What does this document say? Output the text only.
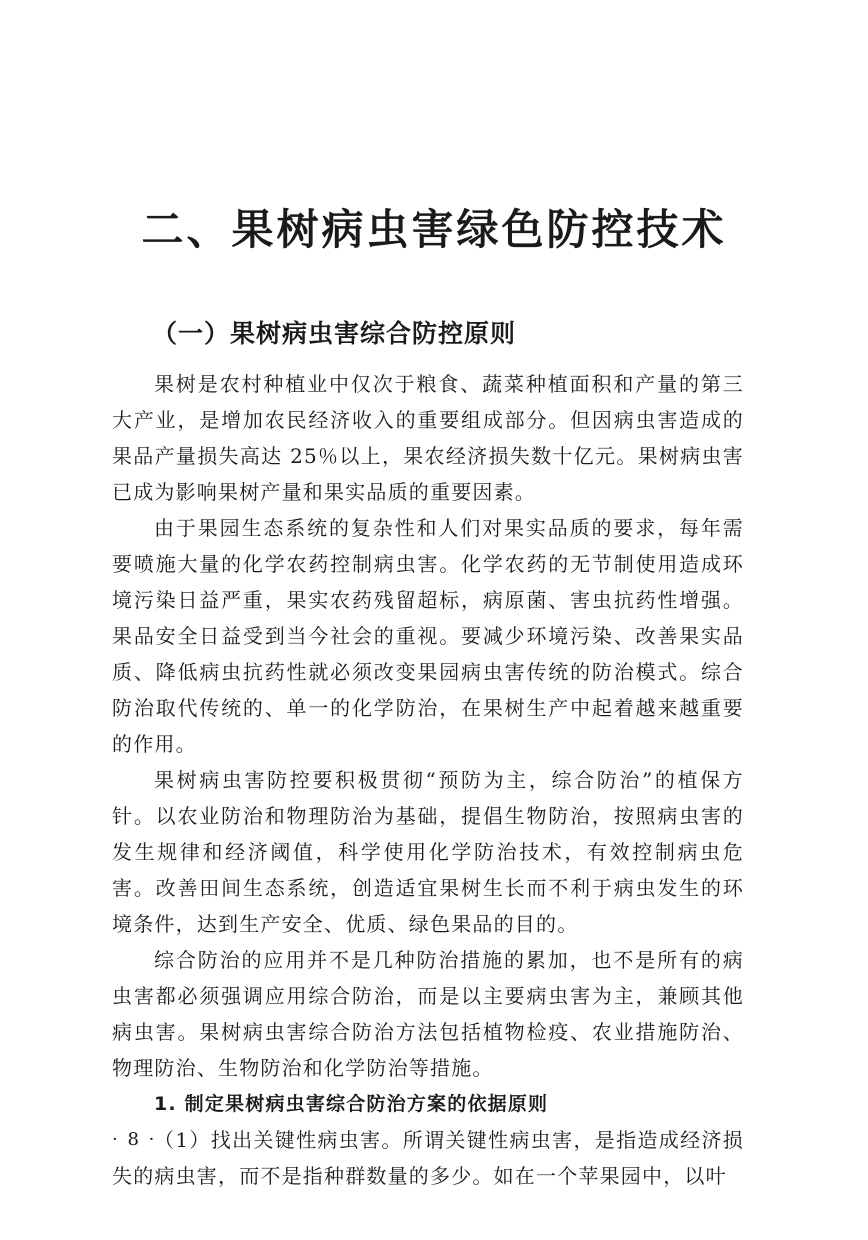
二、果树病虫害绿色防控技术
（一）果树病虫害综合防控原则

果树是农村种植业中仅次于粮食、蔬菜种植面积和产量的第三大产业，是增加农民经济收入的重要组成部分。但因病虫害造成的果品产量损失高达 25％以上，果农经济损失数十亿元。果树病虫害已成为影响果树产量和果实品质的重要因素。

由于果园生态系统的复杂性和人们对果实品质的要求，每年需要喷施大量的化学农药控制病虫害。化学农药的无节制使用造成环境污染日益严重，果实农药残留超标，病原菌、害虫抗药性增强。果品安全日益受到当今社会的重视。要减少环境污染、改善果实品质、降低病虫抗药性就必须改变果园病虫害传统的防治模式。综合防治取代传统的、单一的化学防治，在果树生产中起着越来越重要的作用。

果树病虫害防控要积极贯彻“预防为主，综合防治”的植保方针。以农业防治和物理防治为基础，提倡生物防治，按照病虫害的发生规律和经济阈值，科学使用化学防治技术，有效控制病虫危害。改善田间生态系统，创造适宜果树生长而不利于病虫发生的环境条件，达到生产安全、优质、绿色果品的目的。

综合防治的应用并不是几种防治措施的累加，也不是所有的病虫害都必须强调应用综合防治，而是以主要病虫害为主，兼顾其他病虫害。果树病虫害综合防治方法包括植物检疫、农业措施防治、物理防治、生物防治和化学防治等措施。

1. 制定果树病虫害综合防治方案的依据原则

（1）找出关键性病虫害。所谓关键性病虫害，是指造成经济损失的病虫害，而不是指种群数量的多少。如在一个苹果园中，以叶

· 8 ·
